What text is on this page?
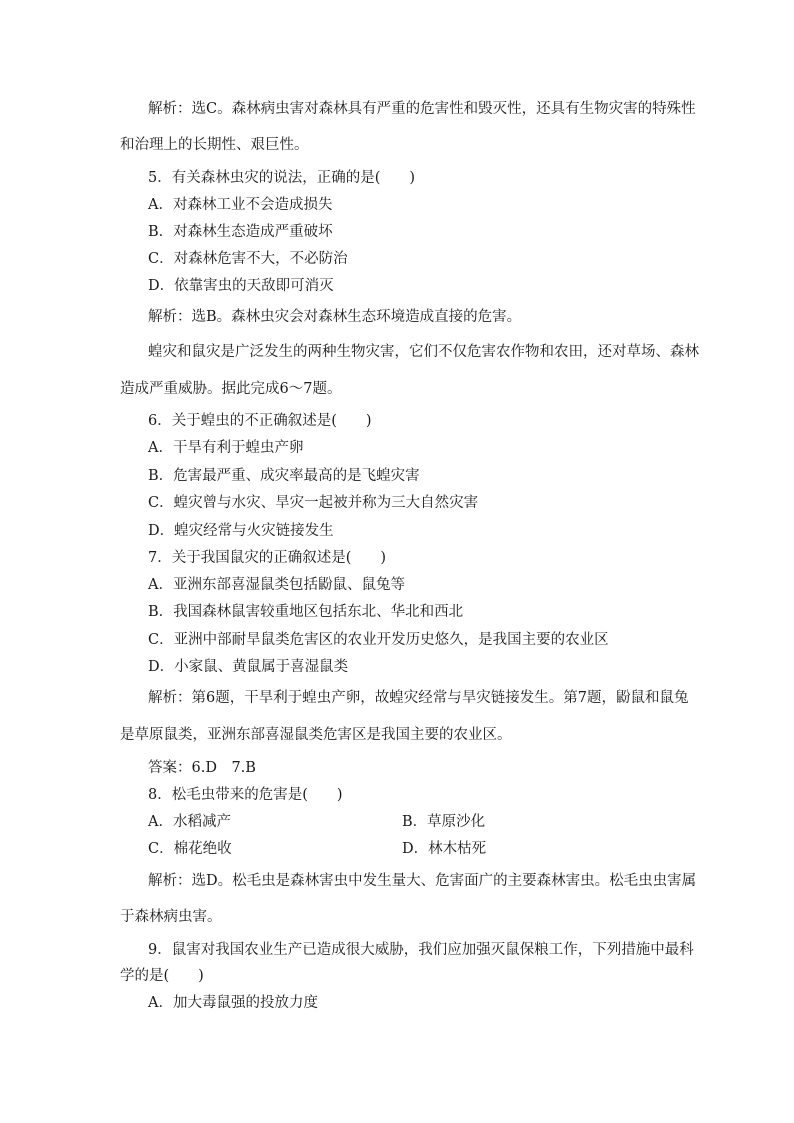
解析：选C。森林病虫害对森林具有严重的危害性和毁灭性，还具有生物灾害的特殊性
和治理上的长期性、艰巨性。
5．有关森林虫灾的说法，正确的是(　　)
A．对森林工业不会造成损失
B．对森林生态造成严重破坏
C．对森林危害不大，不必防治
D．依靠害虫的天敌即可消灭
解析：选B。森林虫灾会对森林生态环境造成直接的危害。
蝗灾和鼠灾是广泛发生的两种生物灾害，它们不仅危害农作物和农田，还对草场、森林
造成严重威胁。据此完成6～7题。
6．关于蝗虫的不正确叙述是(　　)
A．干旱有利于蝗虫产卵
B．危害最严重、成灾率最高的是飞蝗灾害
C．蝗灾曾与水灾、旱灾一起被并称为三大自然灾害
D．蝗灾经常与火灾链接发生
7．关于我国鼠灾的正确叙述是(　　)
A．亚洲东部喜湿鼠类包括鼢鼠、鼠兔等
B．我国森林鼠害较重地区包括东北、华北和西北
C．亚洲中部耐旱鼠类危害区的农业开发历史悠久，是我国主要的农业区
D．小家鼠、黄鼠属于喜湿鼠类
解析：第6题，干旱利于蝗虫产卵，故蝗灾经常与旱灾链接发生。第7题，鼢鼠和鼠兔
是草原鼠类，亚洲东部喜湿鼠类危害区是我国主要的农业区。
答案：6.D　7.B
8．松毛虫带来的危害是(　　)
A．水稻减产	B．草原沙化
C．棉花绝收	D．林木枯死
解析：选D。松毛虫是森林害虫中发生量大、危害面广的主要森林害虫。松毛虫虫害属
于森林病虫害。
9．鼠害对我国农业生产已造成很大威胁，我们应加强灭鼠保粮工作，下列措施中最科
学的是(　　)
A．加大毒鼠强的投放力度
